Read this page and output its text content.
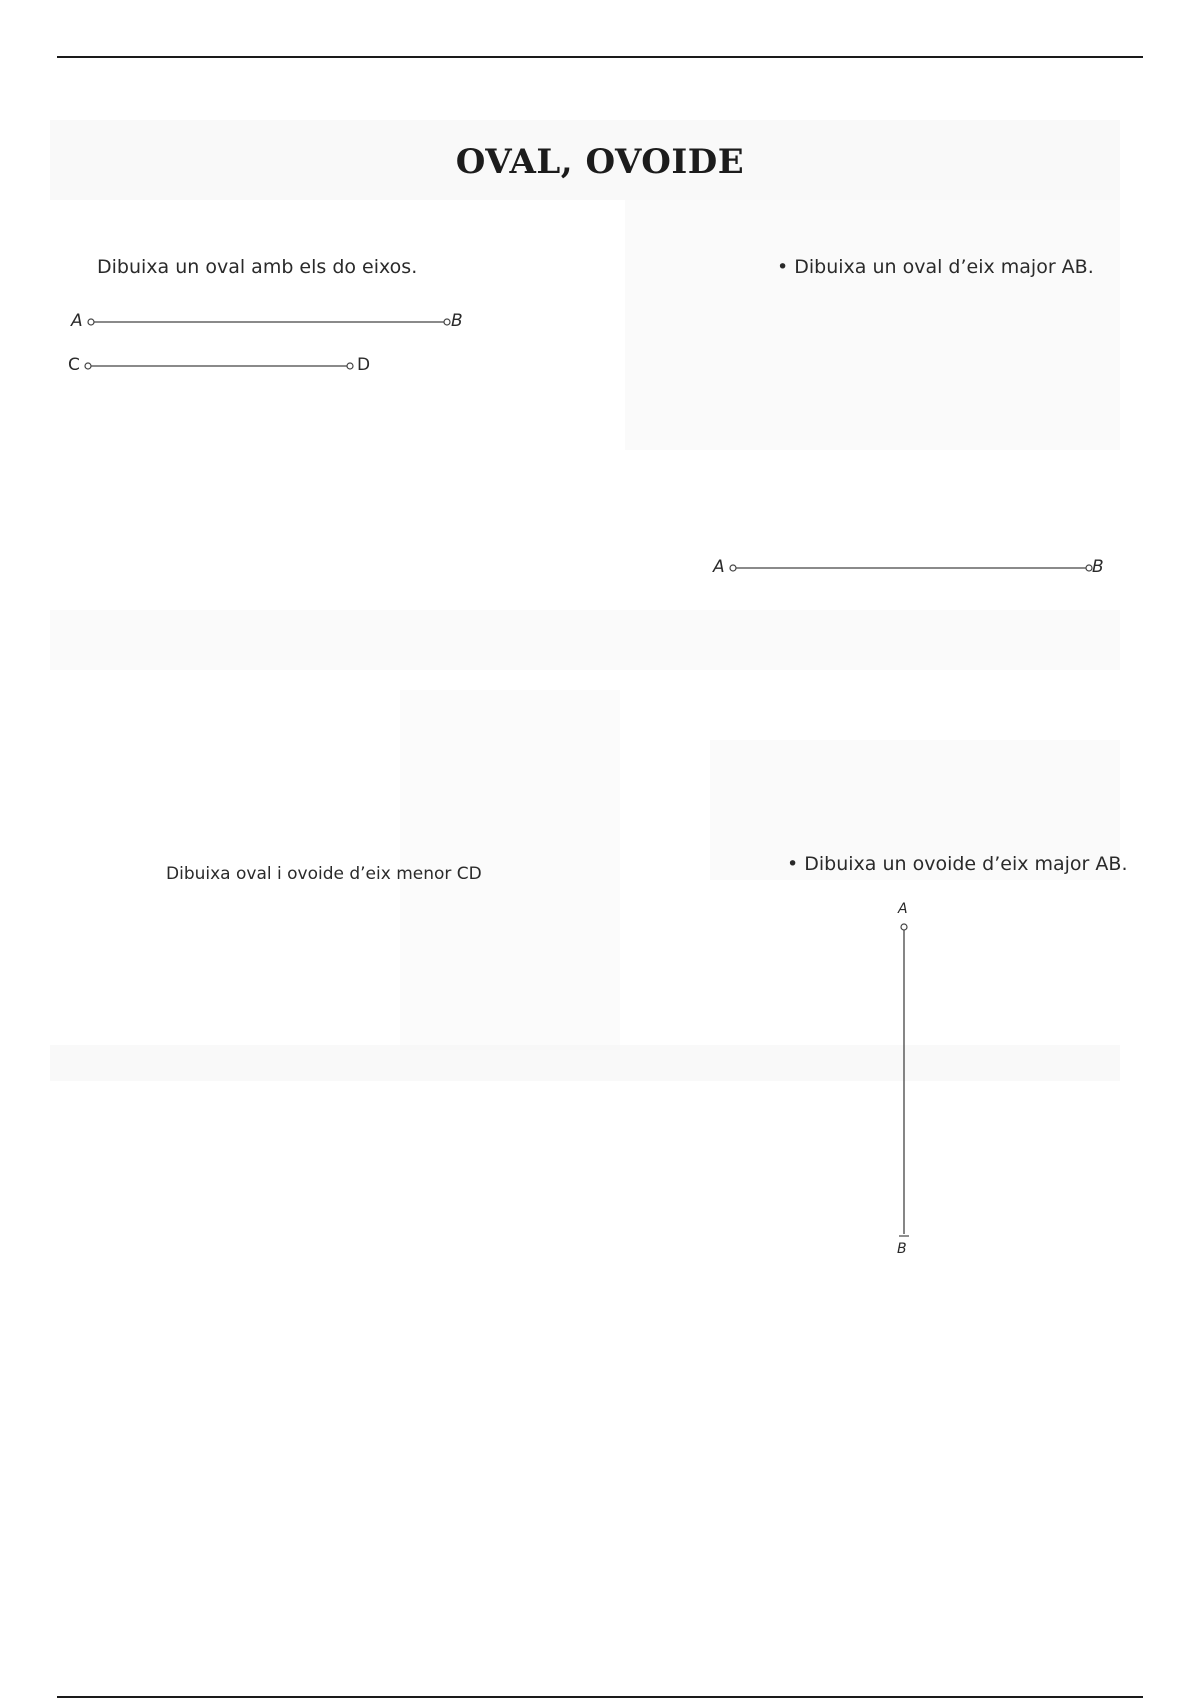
OVAL, OVOIDE
Dibuixa un oval amb els do eixos.
A	B
C	D
• Dibuixa un oval d’eix major AB.
A	B
Dibuixa oval i ovoide d’eix menor CD	• Dibuixa un ovoide d’eix major AB.
A
B
